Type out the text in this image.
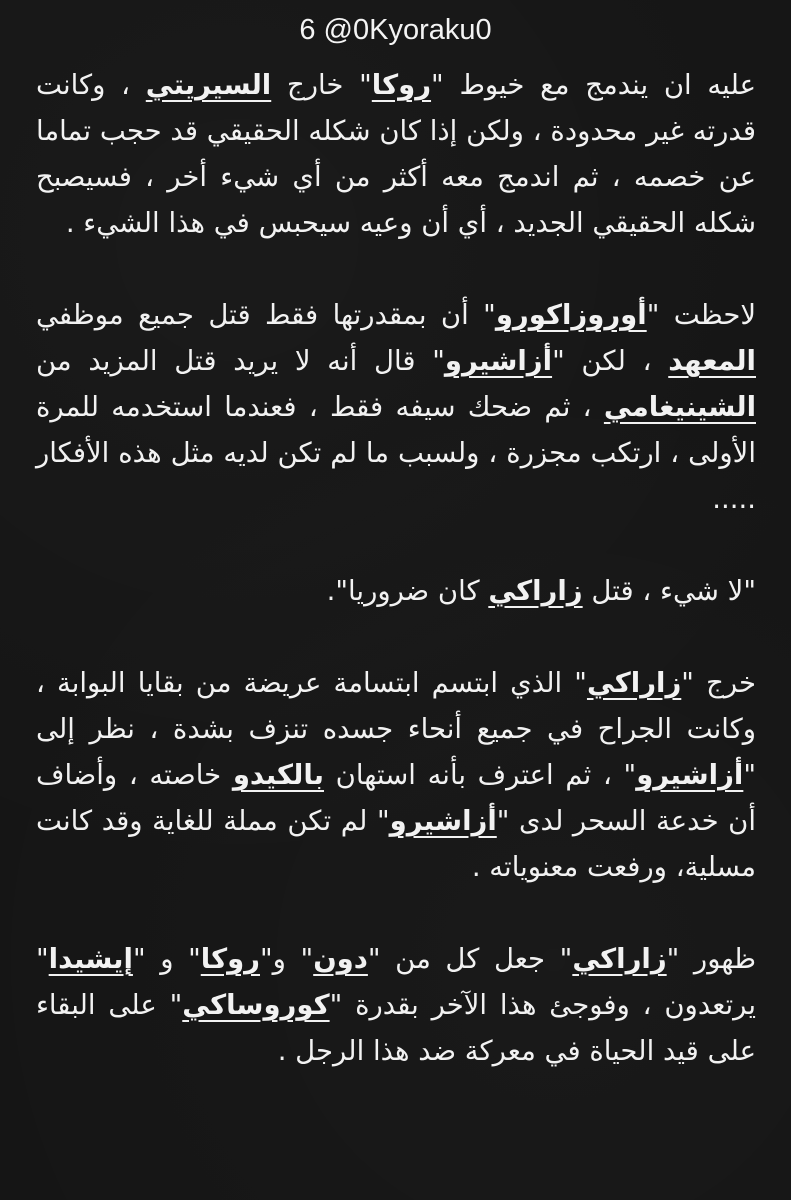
6 @0Kyoraku0

عليه ان يندمج مع خيوط "روكا" خارج السيريتي ، وكانت قدرته غير محدودة ، ولكن إذا كان شكله الحقيقي قد حجب تماما عن خصمه ، ثم اندمج معه أكثر من أي شيء أخر ، فسيصبح شكله الحقيقي الجديد ، أي أن وعيه سيحبس في هذا الشيء .

لاحظت "أوروزاكورو" أن بمقدرتها فقط قتل جميع موظفي المعهد ، لكن "أزاشيرو" قال أنه لا يريد قتل المزيد من الشينيغامي ، ثم ضحك سيفه فقط ، فعندما استخدمه للمرة الأولى ، ارتكب مجزرة ، ولسبب ما لم تكن لديه مثل هذه الأفكار .....

"لا شيء ، قتل زاراكي كان ضروريا".

خرج "زاراكي" الذي ابتسم ابتسامة عريضة من بقايا البوابة ، وكانت الجراح في جميع أنحاء جسده تنزف بشدة ، نظر إلى "أزاشيرو" ، ثم اعترف بأنه استهان بالكيدو خاصته ، وأضاف أن خدعة السحر لدى "أزاشيرو" لم تكن مملة للغاية وقد كانت مسلية، ورفعت معنوياته .

ظهور "زاراكي" جعل كل من "دون" و"روكا" و "إيشيدا" يرتعدون ، وفوجئ هذا الآخر بقدرة "كوروساكي" على البقاء على قيد الحياة في معركة ضد هذا الرجل .
